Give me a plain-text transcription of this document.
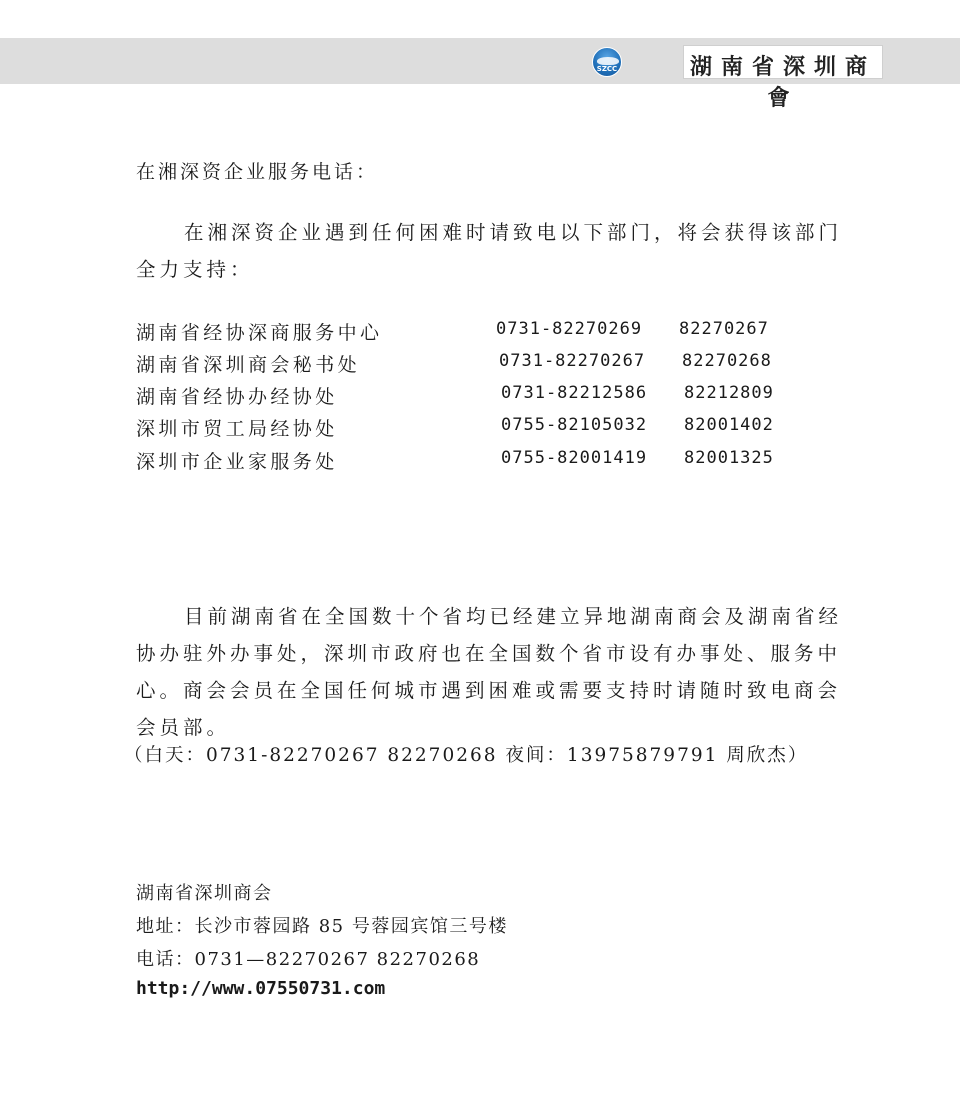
SZCC	湖南省深圳商會
在湘深资企业服务电话：
在湘深资企业遇到任何困难时请致电以下部门，将会获得该部门全力支持：
湖南省经协深商服务中心	0731-82270269 82270267
湖南省深圳商会秘书处	0731-82270267 82270268
湖南省经协办经协处	0731-82212586 82212809
深圳市贸工局经协处	0755-82105032 82001402
深圳市企业家服务处	0755-82001419 82001325
目前湖南省在全国数十个省均已经建立异地湖南商会及湖南省经协办驻外办事处，深圳市政府也在全国数个省市设有办事处、服务中心。商会会员在全国任何城市遇到困难或需要支持时请随时致电商会会员部。
（白天：0731-82270267 82270268 夜间：13975879791 周欣杰）
湖南省深圳商会
地址：长沙市蓉园路 85 号蓉园宾馆三号楼
电话：0731—82270267 82270268
http://www.07550731.com
